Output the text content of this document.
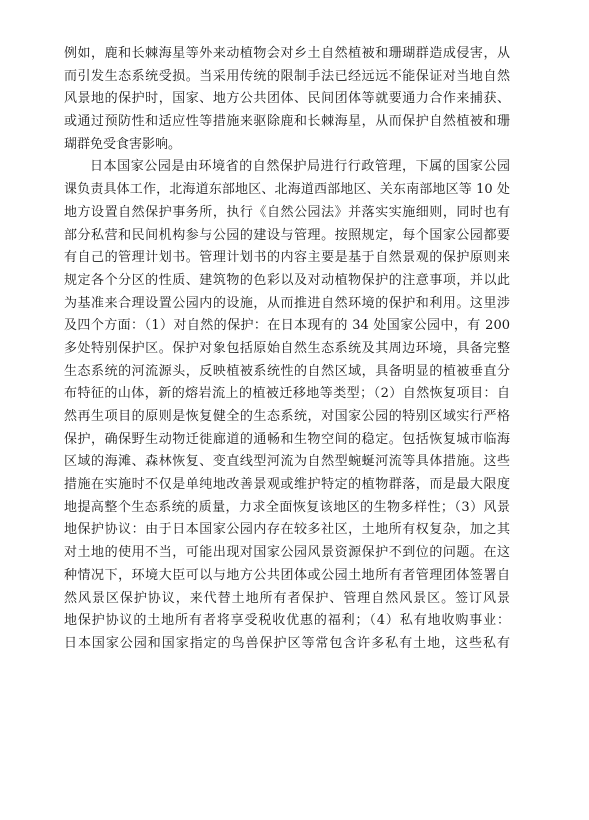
例如，鹿和长棘海星等外来动植物会对乡土自然植被和珊瑚群造成侵害，从
而引发生态系统受损。当采用传统的限制手法已经远远不能保证对当地自然
风景地的保护时，国家、地方公共团体、民间团体等就要通力合作来捕获、
或通过预防性和适应性等措施来驱除鹿和长棘海星，从而保护自然植被和珊
瑚群免受食害影响。
日本国家公园是由环境省的自然保护局进行行政管理，下属的国家公园
课负责具体工作，北海道东部地区、北海道西部地区、关东南部地区等 10 处
地方设置自然保护事务所，执行《自然公园法》并落实实施细则，同时也有
部分私营和民间机构参与公园的建设与管理。按照规定，每个国家公园都要
有自己的管理计划书。管理计划书的内容主要是基于自然景观的保护原则来
规定各个分区的性质、建筑物的色彩以及对动植物保护的注意事项，并以此
为基准来合理设置公园内的设施，从而推进自然环境的保护和利用。这里涉
及四个方面：（1）对自然的保护：在日本现有的 34 处国家公园中，有 200
多处特别保护区。保护对象包括原始自然生态系统及其周边环境，具备完整
生态系统的河流源头，反映植被系统性的自然区域，具备明显的植被垂直分
布特征的山体，新的熔岩流上的植被迁移地等类型；（2）自然恢复项目：自
然再生项目的原则是恢复健全的生态系统，对国家公园的特别区域实行严格
保护，确保野生动物迁徙廊道的通畅和生物空间的稳定。包括恢复城市临海
区域的海滩、森林恢复、变直线型河流为自然型蜿蜒河流等具体措施。这些
措施在实施时不仅是单纯地改善景观或维护特定的植物群落，而是最大限度
地提高整个生态系统的质量，力求全面恢复该地区的生物多样性；（3）风景
地保护协议：由于日本国家公园内存在较多社区，土地所有权复杂，加之其
对土地的使用不当，可能出现对国家公园风景资源保护不到位的问题。在这
种情况下，环境大臣可以与地方公共团体或公园土地所有者管理团体签署自
然风景区保护协议，来代替土地所有者保护、管理自然风景区。签订风景
地保护协议的土地所有者将享受税收优惠的福利；（4）私有地收购事业：
日本国家公园和国家指定的鸟兽保护区等常包含许多私有土地，这些私有
